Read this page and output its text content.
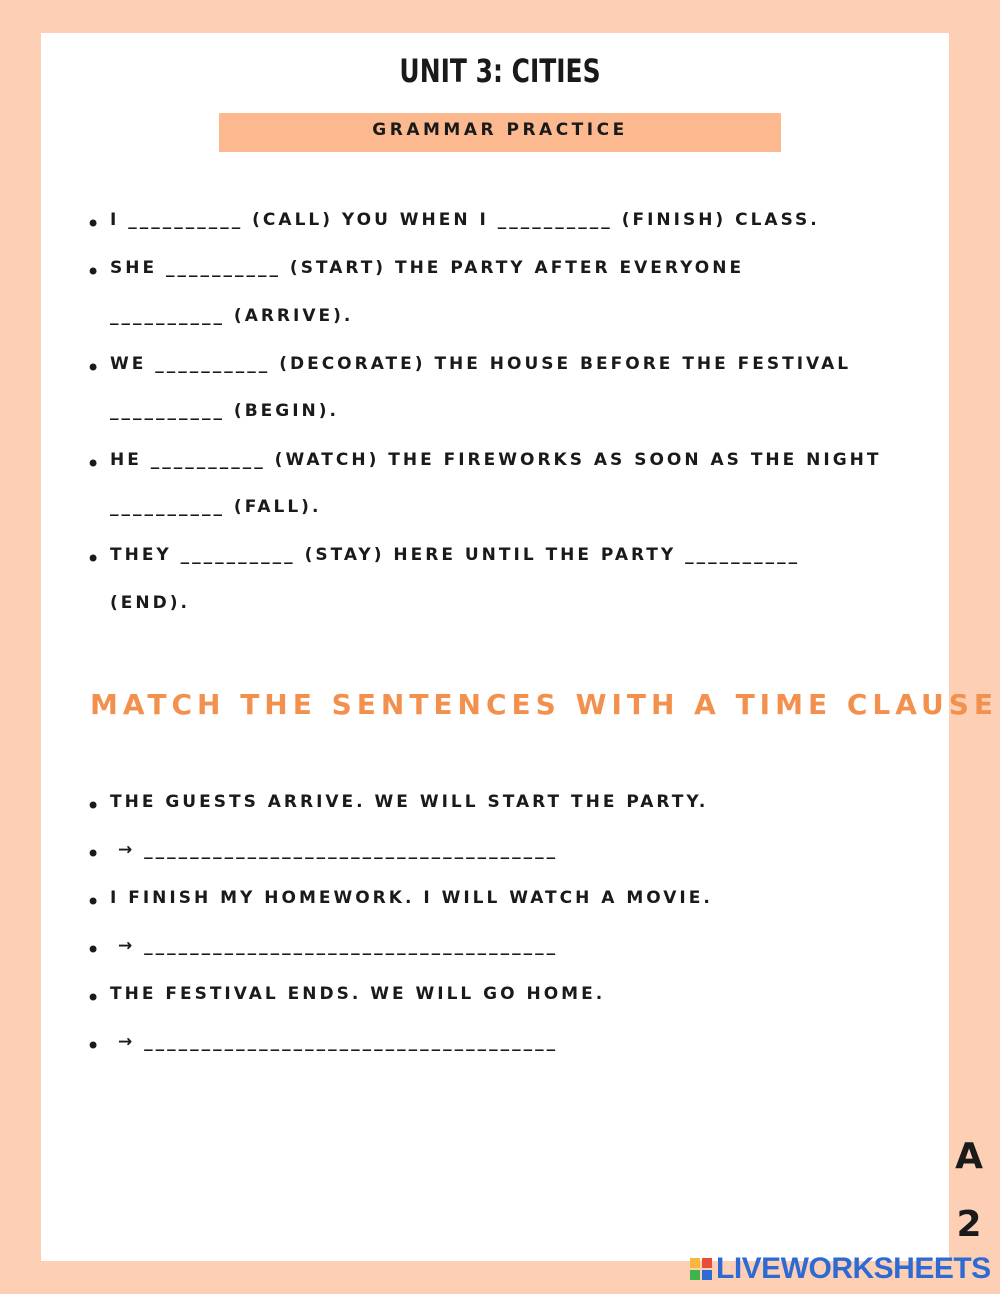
UNIT 3: CITIES
GRAMMAR PRACTICE
• I __________ (CALL) YOU WHEN I __________ (FINISH) CLASS.
• SHE __________ (START) THE PARTY AFTER EVERYONE
__________ (ARRIVE).
• WE __________ (DECORATE) THE HOUSE BEFORE THE FESTIVAL
__________ (BEGIN).
• HE __________ (WATCH) THE FIREWORKS AS SOON AS THE NIGHT
__________ (FALL).
• THEY __________ (STAY) HERE UNTIL THE PARTY __________
(END).
MATCH THE SENTENCES WITH A TIME CLAUSE
• THE GUESTS ARRIVE. WE WILL START THE PARTY.
• → ____________________________________
• I FINISH MY HOMEWORK. I WILL WATCH A MOVIE.
• → ____________________________________
• THE FESTIVAL ENDS. WE WILL GO HOME.
• → ____________________________________
A
2
LIVEWORKSHEETS
